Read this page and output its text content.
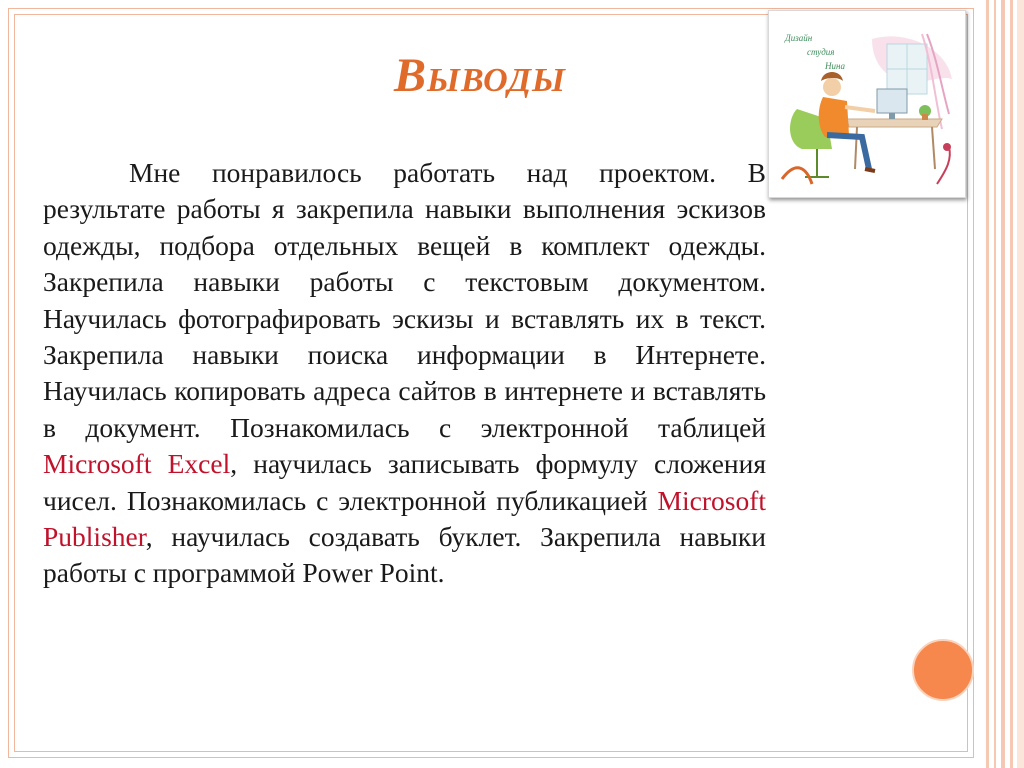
Выводы
Мне понравилось работать над проектом. В результате работы я закрепила навыки выполнения эскизов одежды, подбора отдельных вещей в комплект одежды. Закрепила навыки работы с текстовым документом. Научилась фотографировать эскизы и вставлять их в текст. Закрепила навыки поиска информации в Интернете. Научилась копировать адреса сайтов в интернете и вставлять в документ. Познакомилась с электронной таблицей Microsoft Excel, научилась записывать формулу сложения чисел. Познакомилась с электронной публикацией Microsoft Publisher, научилась создавать буклет. Закрепила навыки работы с программой Power Point.
Дизайн
студия
Нина
